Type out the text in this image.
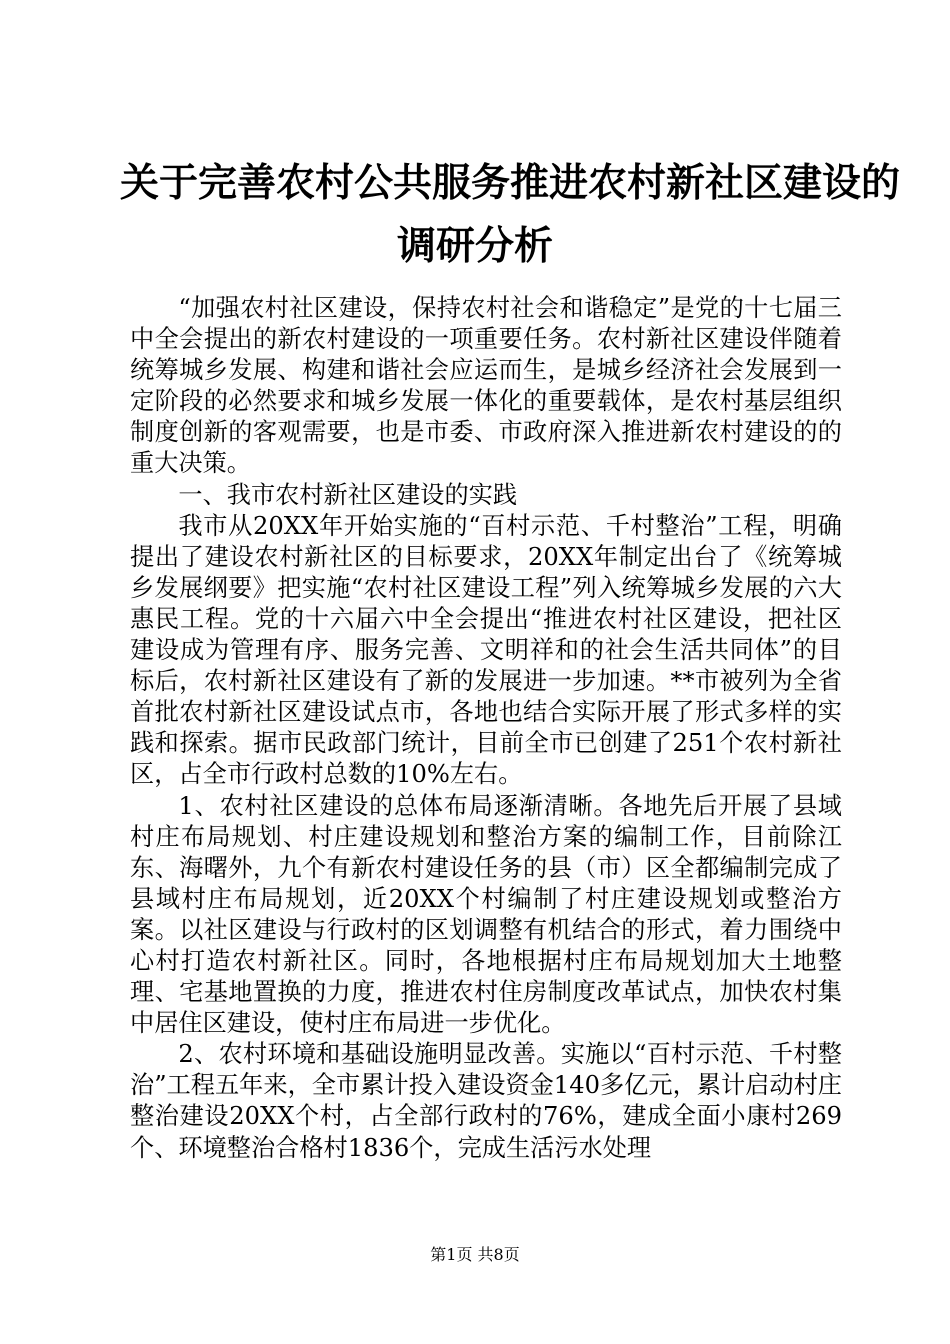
关于完善农村公共服务推进农村新社区建设的
调研分析

“加强农村社区建设，保持农村社会和谐稳定”是党的十七届三中全会提出的新农村建设的一项重要任务。农村新社区建设伴随着统筹城乡发展、构建和谐社会应运而生，是城乡经济社会发展到一定阶段的必然要求和城乡发展一体化的重要载体，是农村基层组织制度创新的客观需要，也是市委、市政府深入推进新农村建设的的重大决策。

一、我市农村新社区建设的实践

我市从20XX年开始实施的“百村示范、千村整治”工程，明确提出了建设农村新社区的目标要求，20XX年制定出台了《统筹城乡发展纲要》把实施“农村社区建设工程”列入统筹城乡发展的六大惠民工程。党的十六届六中全会提出“推进农村社区建设，把社区建设成为管理有序、服务完善、文明祥和的社会生活共同体”的目标后，农村新社区建设有了新的发展进一步加速。**市被列为全省首批农村新社区建设试点市，各地也结合实际开展了形式多样的实践和探索。据市民政部门统计，目前全市已创建了251个农村新社区，占全市行政村总数的10%左右。

1、农村社区建设的总体布局逐渐清晰。各地先后开展了县域村庄布局规划、村庄建设规划和整治方案的编制工作，目前除江东、海曙外，九个有新农村建设任务的县（市）区全都编制完成了县域村庄布局规划，近20XX个村编制了村庄建设规划或整治方案。以社区建设与行政村的区划调整有机结合的形式，着力围绕中心村打造农村新社区。同时，各地根据村庄布局规划加大土地整理、宅基地置换的力度，推进农村住房制度改革试点，加快农村集中居住区建设，使村庄布局进一步优化。

2、农村环境和基础设施明显改善。实施以“百村示范、千村整治”工程五年来，全市累计投入建设资金140多亿元，累计启动村庄整治建设20XX个村，占全部行政村的76%，建成全面小康村269个、环境整治合格村1836个，完成生活污水处理

第1页 共8页
